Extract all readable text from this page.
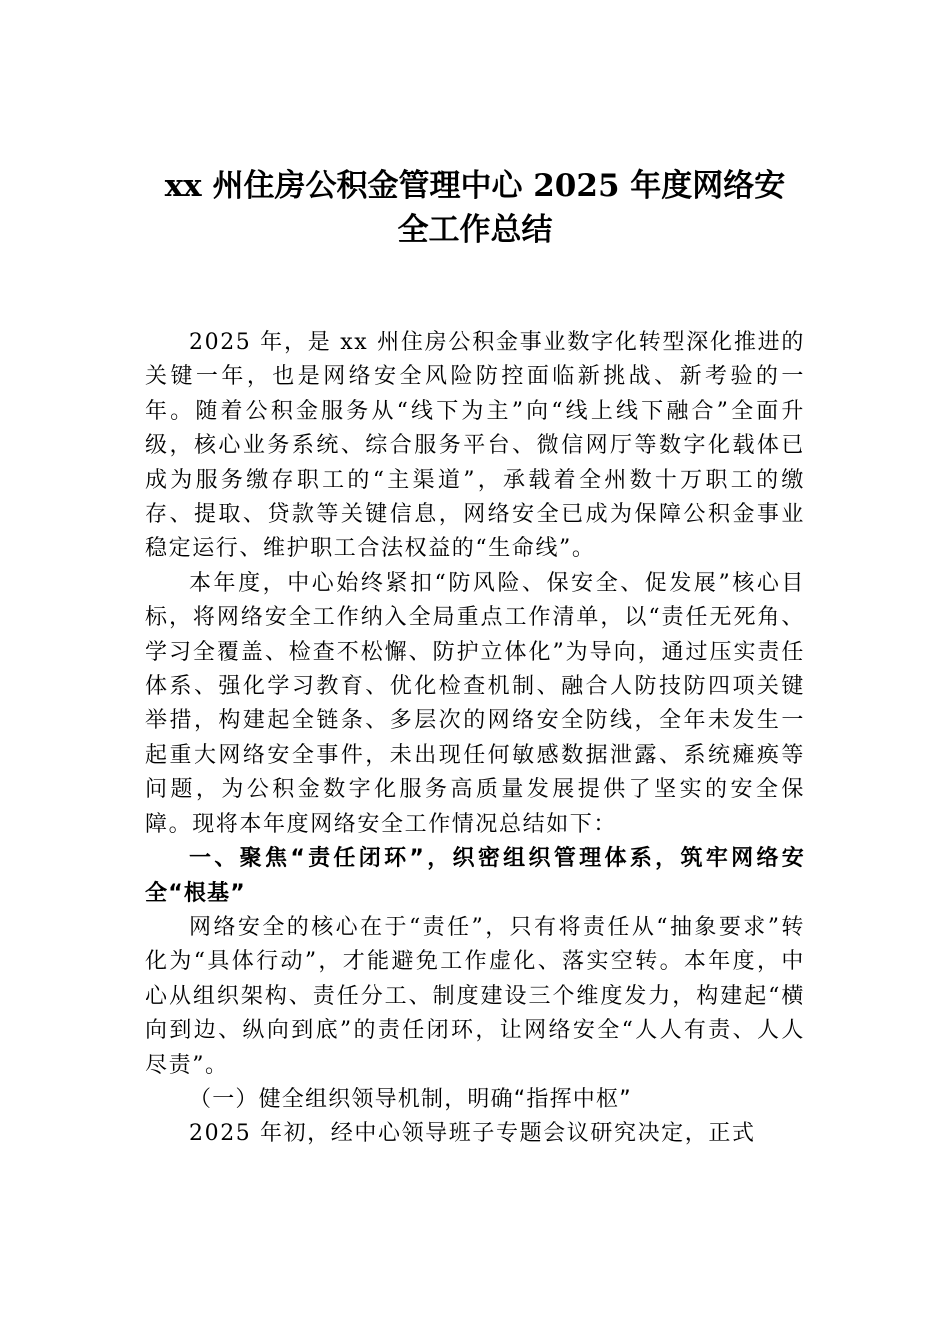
xx 州住房公积金管理中心 2025 年度网络安
全工作总结

2025 年，是 xx 州住房公积金事业数字化转型深化推进的关键一年，也是网络安全风险防控面临新挑战、新考验的一年。随着公积金服务从“线下为主”向“线上线下融合”全面升级，核心业务系统、综合服务平台、微信网厅等数字化载体已成为服务缴存职工的“主渠道”，承载着全州数十万职工的缴存、提取、贷款等关键信息，网络安全已成为保障公积金事业稳定运行、维护职工合法权益的“生命线”。

本年度，中心始终紧扣“防风险、保安全、促发展”核心目标，将网络安全工作纳入全局重点工作清单，以“责任无死角、学习全覆盖、检查不松懈、防护立体化”为导向，通过压实责任体系、强化学习教育、优化检查机制、融合人防技防四项关键举措，构建起全链条、多层次的网络安全防线，全年未发生一起重大网络安全事件，未出现任何敏感数据泄露、系统瘫痪等问题，为公积金数字化服务高质量发展提供了坚实的安全保障。现将本年度网络安全工作情况总结如下：

一、聚焦“责任闭环”，织密组织管理体系，筑牢网络安全“根基”

网络安全的核心在于“责任”，只有将责任从“抽象要求”转化为“具体行动”，才能避免工作虚化、落实空转。本年度，中心从组织架构、责任分工、制度建设三个维度发力，构建起“横向到边、纵向到底”的责任闭环，让网络安全“人人有责、人人尽责”。

（一）健全组织领导机制，明确“指挥中枢”

2025 年初，经中心领导班子专题会议研究决定，正式
